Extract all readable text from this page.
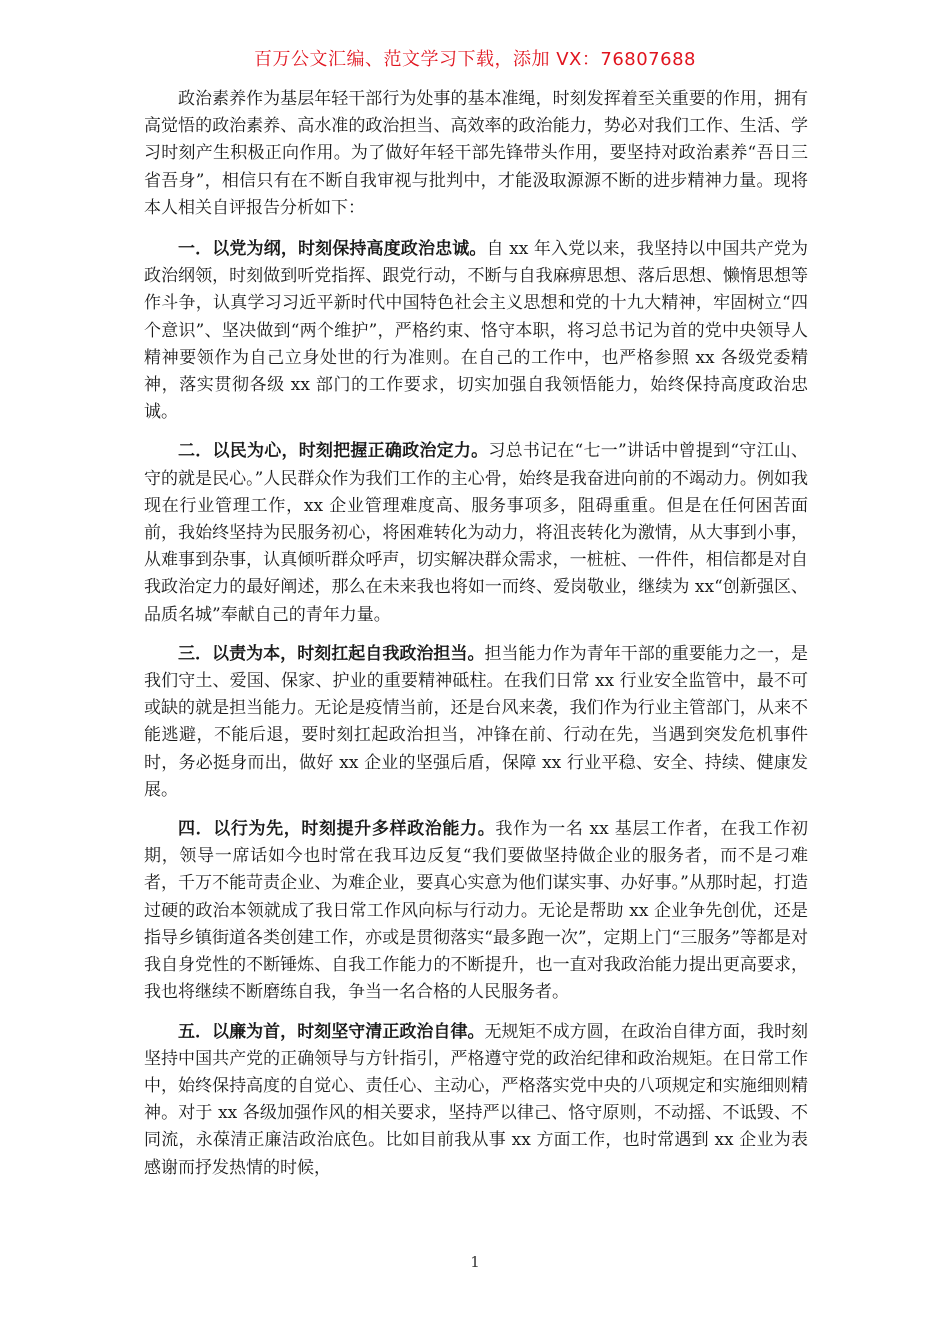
百万公文汇编、范文学习下载，添加 VX：76807688

政治素养作为基层年轻干部行为处事的基本准绳，时刻发挥着至关重要的作用，拥有高觉悟的政治素养、高水准的政治担当、高效率的政治能力，势必对我们工作、生活、学习时刻产生积极正向作用。为了做好年轻干部先锋带头作用，要坚持对政治素养“吾日三省吾身”，相信只有在不断自我审视与批判中，才能汲取源源不断的进步精神力量。现将本人相关自评报告分析如下：

一．以党为纲，时刻保持高度政治忠诚。自 xx 年入党以来，我坚持以中国共产党为政治纲领，时刻做到听党指挥、跟党行动，不断与自我麻痹思想、落后思想、懒惰思想等作斗争，认真学习习近平新时代中国特色社会主义思想和党的十九大精神，牢固树立“四个意识”、坚决做到“两个维护”，严格约束、恪守本职，将习总书记为首的党中央领导人精神要领作为自己立身处世的行为准则。在自己的工作中，也严格参照 xx 各级党委精神，落实贯彻各级 xx 部门的工作要求，切实加强自我领悟能力，始终保持高度政治忠诚。

二．以民为心，时刻把握正确政治定力。习总书记在“七一”讲话中曾提到“守江山、守的就是民心。”人民群众作为我们工作的主心骨，始终是我奋进向前的不竭动力。例如我现在行业管理工作，xx 企业管理难度高、服务事项多，阻碍重重。但是在任何困苦面前，我始终坚持为民服务初心，将困难转化为动力，将沮丧转化为激情，从大事到小事，从难事到杂事，认真倾听群众呼声，切实解决群众需求，一桩桩、一件件，相信都是对自我政治定力的最好阐述，那么在未来我也将如一而终、爱岗敬业，继续为 xx“创新强区、品质名城”奉献自己的青年力量。

三．以责为本，时刻扛起自我政治担当。担当能力作为青年干部的重要能力之一，是我们守土、爱国、保家、护业的重要精神砥柱。在我们日常 xx 行业安全监管中，最不可或缺的就是担当能力。无论是疫情当前，还是台风来袭，我们作为行业主管部门，从来不能逃避，不能后退，要时刻扛起政治担当，冲锋在前、行动在先，当遇到突发危机事件时，务必挺身而出，做好 xx 企业的坚强后盾，保障 xx 行业平稳、安全、持续、健康发展。

四．以行为先，时刻提升多样政治能力。我作为一名 xx 基层工作者，在我工作初期，领导一席话如今也时常在我耳边反复“我们要做坚持做企业的服务者，而不是刁难者，千万不能苛责企业、为难企业，要真心实意为他们谋实事、办好事。”从那时起，打造过硬的政治本领就成了我日常工作风向标与行动力。无论是帮助 xx 企业争先创优，还是指导乡镇街道各类创建工作，亦或是贯彻落实“最多跑一次”，定期上门“三服务”等都是对我自身党性的不断锤炼、自我工作能力的不断提升，也一直对我政治能力提出更高要求，我也将继续不断磨练自我，争当一名合格的人民服务者。

五．以廉为首，时刻坚守清正政治自律。无规矩不成方圆，在政治自律方面，我时刻坚持中国共产党的正确领导与方针指引，严格遵守党的政治纪律和政治规矩。在日常工作中，始终保持高度的自觉心、责任心、主动心，严格落实党中央的八项规定和实施细则精神。对于 xx 各级加强作风的相关要求，坚持严以律己、恪守原则，不动摇、不诋毁、不同流，永葆清正廉洁政治底色。比如目前我从事 xx 方面工作，也时常遇到 xx 企业为表感谢而抒发热情的时候，

1
